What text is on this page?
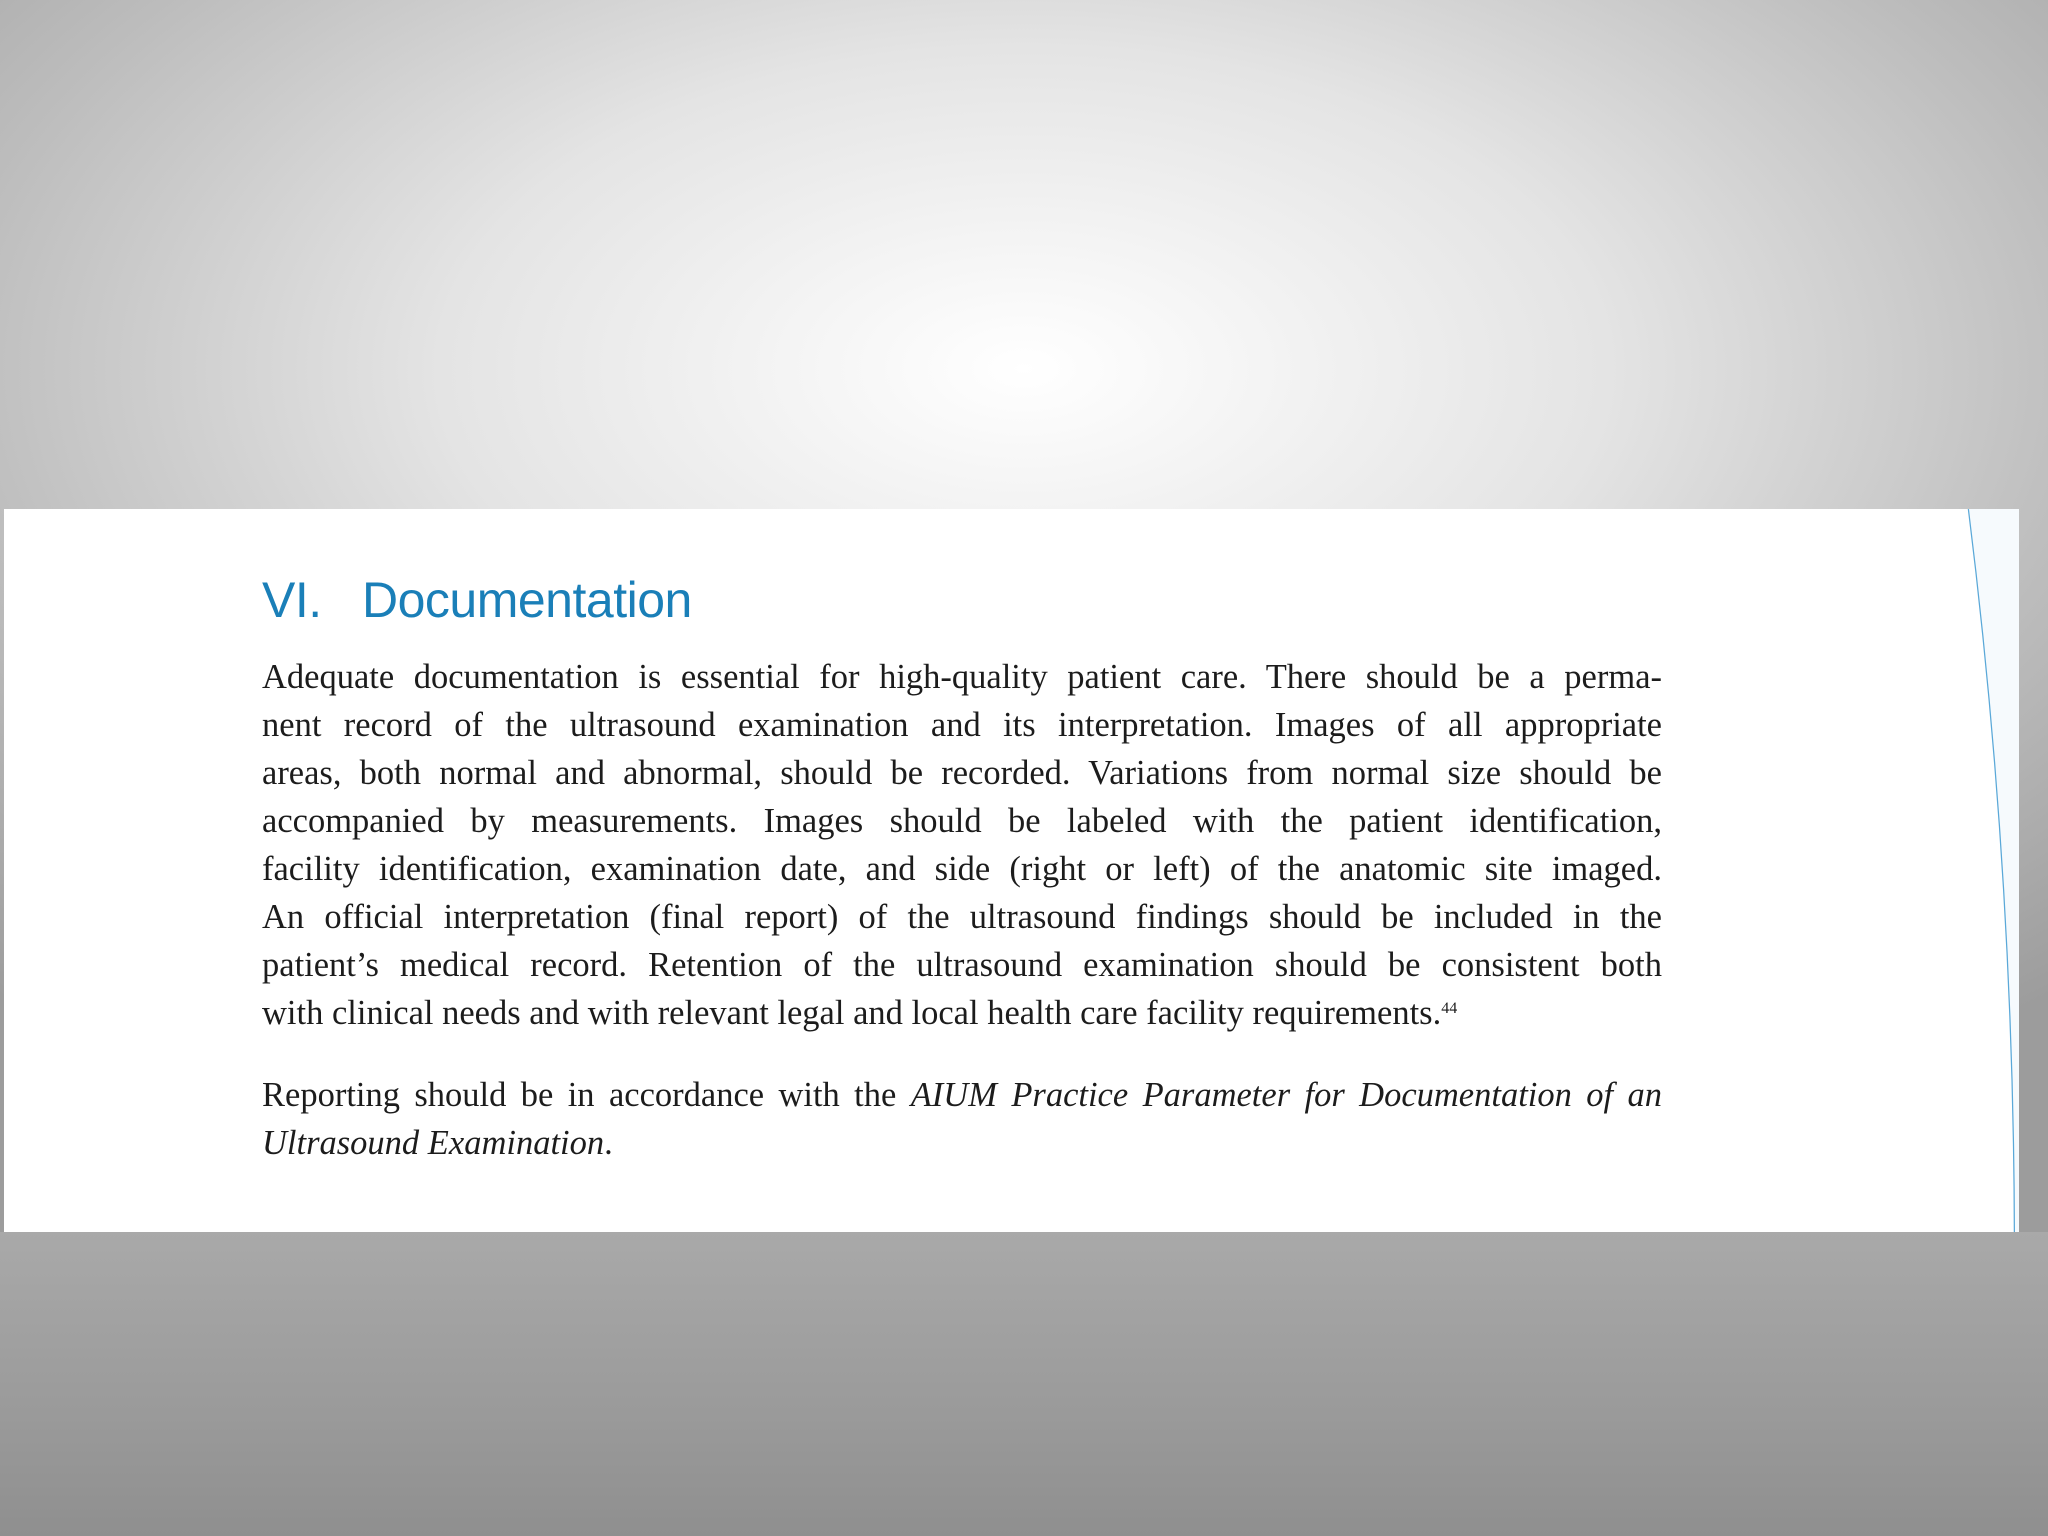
VI. Documentation

Adequate documentation is essential for high-quality patient care. There should be a perma-
nent record of the ultrasound examination and its interpretation. Images of all appropriate
areas, both normal and abnormal, should be recorded. Variations from normal size should be
accompanied by measurements. Images should be labeled with the patient identification,
facility identification, examination date, and side (right or left) of the anatomic site imaged.
An official interpretation (final report) of the ultrasound findings should be included in the
patient’s medical record. Retention of the ultrasound examination should be consistent both
with clinical needs and with relevant legal and local health care facility requirements.$^{44}$

Reporting should be in accordance with the AIUM Practice Parameter for Documentation of an
Ultrasound Examination.
